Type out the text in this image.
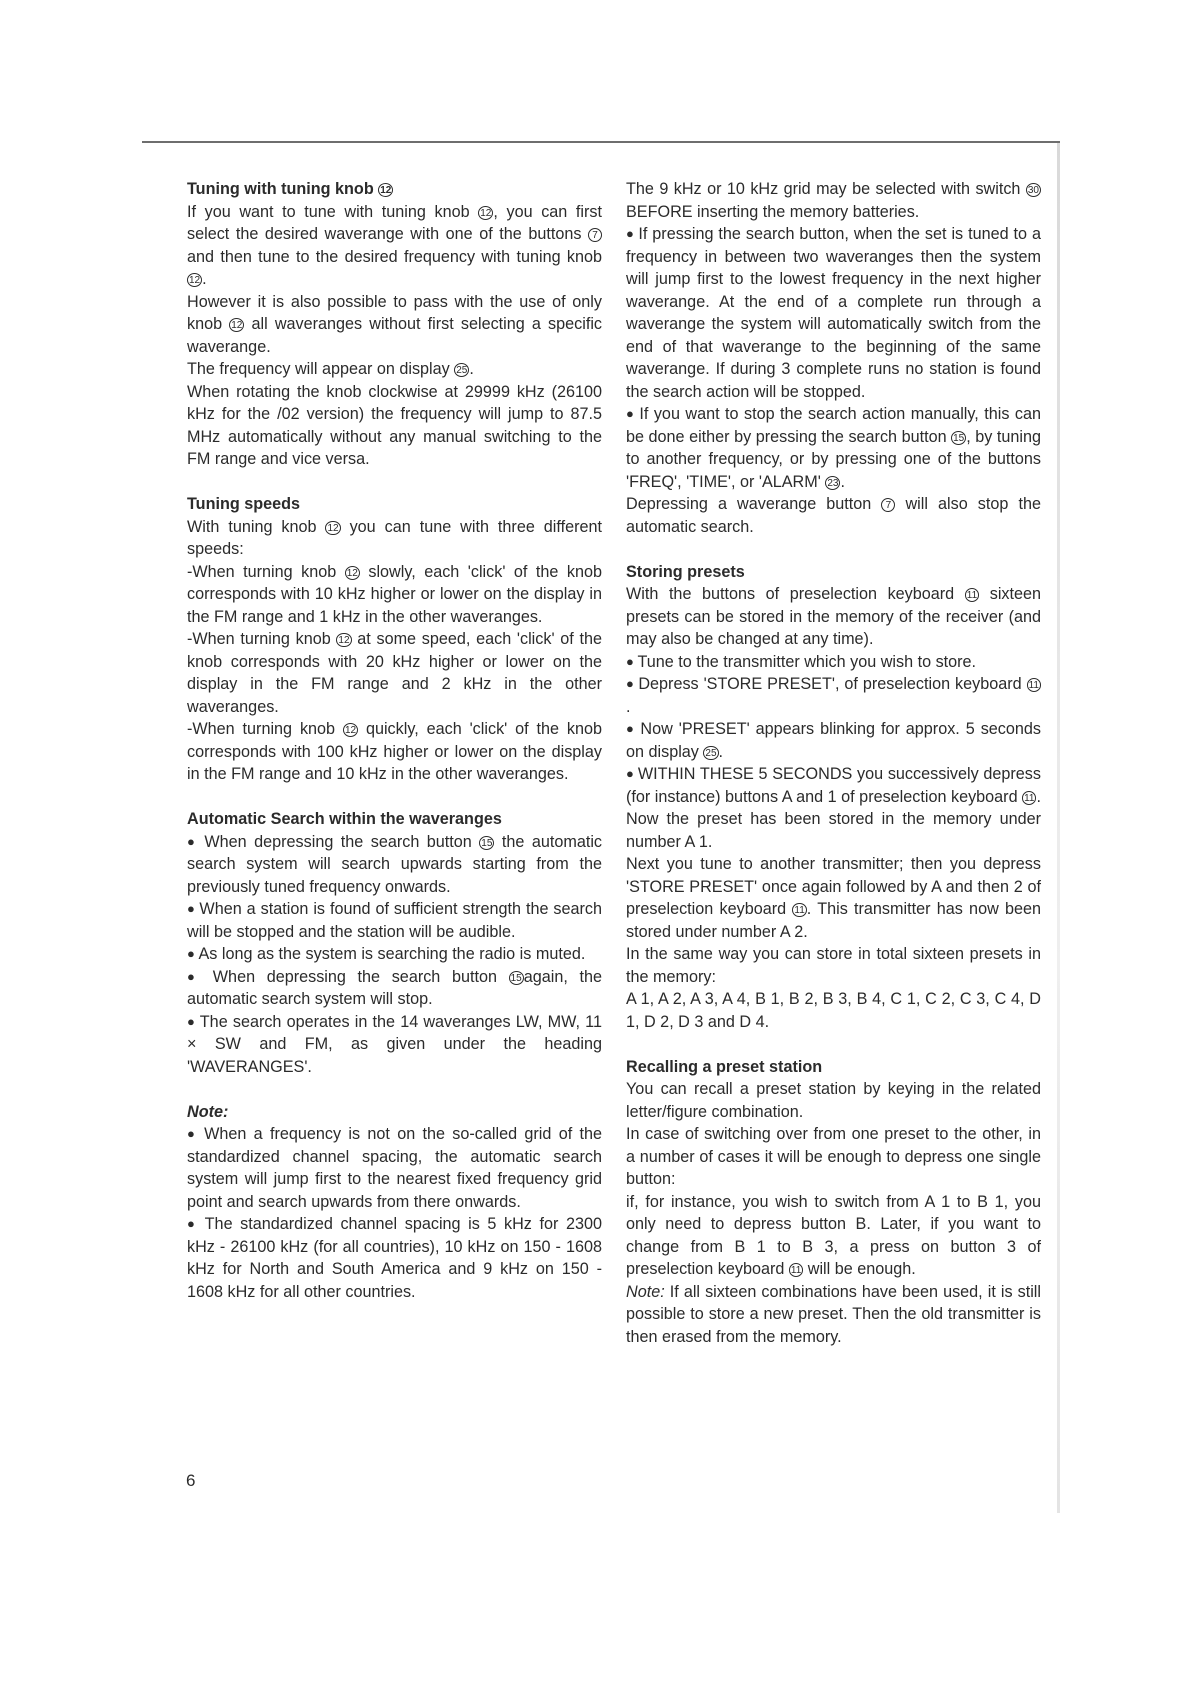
Tuning with tuning knob 12

If you want to tune with tuning knob 12 , you can first select the desired waverange with one of the buttons 7 and then tune to the desired frequency with tuning knob 12 .

However it is also possible to pass with the use of only knob 12 all waveranges without first selecting a specific waverange.

The frequency will appear on display 25 .

When rotating the knob clockwise at 29999 kHz (26100 kHz for the /02 version) the frequency will jump to 87.5 MHz automatically without any manual switching to the FM range and vice versa.

Tuning speeds

With tuning knob 12 you can tune with three different speeds:

-When turning knob 12 slowly, each 'click' of the knob corresponds with 10 kHz higher or lower on the display in the FM range and 1 kHz in the other waveranges.

-When turning knob 12 at some speed, each 'click' of the knob corresponds with 20 kHz higher or lower on the display in the FM range and 2 kHz in the other waveranges.

-When turning knob 12 quickly, each 'click' of the knob corresponds with 100 kHz higher or lower on the display in the FM range and 10 kHz in the other waveranges.

Automatic Search within the waveranges

● When depressing the search button 15 the automatic search system will search upwards starting from the previously tuned frequency onwards.

● When a station is found of sufficient strength the search will be stopped and the station will be audible.

● As long as the system is searching the radio is muted.

● When depressing the search button 15 again, the automatic search system will stop.

● The search operates in the 14 waveranges LW, MW, 11 × SW and FM, as given under the heading 'WAVERANGES'.

Note:

● When a frequency is not on the so-called grid of the standardized channel spacing, the automatic search system will jump first to the nearest fixed frequency grid point and search upwards from there onwards.

● The standardized channel spacing is 5 kHz for 2300 kHz - 26100 kHz (for all countries), 10 kHz on 150 - 1608 kHz for North and South America and 9 kHz on 150 - 1608 kHz for all other countries.

The 9 kHz or 10 kHz grid may be selected with switch 30 BEFORE inserting the memory batteries.

● If pressing the search button, when the set is tuned to a frequency in between two waveranges then the system will jump first to the lowest frequency in the next higher waverange. At the end of a complete run through a waverange the system will automatically switch from the end of that waverange to the beginning of the same waverange. If during 3 complete runs no station is found the search action will be stopped.

● If you want to stop the search action manually, this can be done either by pressing the search button 15 , by tuning to another frequency, or by pressing one of the buttons 'FREQ', 'TIME', or 'ALARM' 23 .

Depressing a waverange button 7 will also stop the automatic search.

Storing presets

With the buttons of preselection keyboard 11 sixteen presets can be stored in the memory of the receiver (and may also be changed at any time).

● Tune to the transmitter which you wish to store.

● Depress 'STORE PRESET', of preselection keyboard 11.

● Now 'PRESET' appears blinking for approx. 5 seconds on display 25 .

● WITHIN THESE 5 SECONDS you successively depress (for instance) buttons A and 1 of preselection keyboard 11 . Now the preset has been stored in the memory under number A 1.

Next you tune to another transmitter; then you depress 'STORE PRESET' once again followed by A and then 2 of preselection keyboard 11 . This transmitter has now been stored under number A 2.

In the same way you can store in total sixteen presets in the memory:

A 1, A 2, A 3, A 4, B 1, B 2, B 3, B 4, C 1, C 2, C 3, C 4, D 1, D 2, D 3 and D 4.

Recalling a preset station

You can recall a preset station by keying in the related letter/figure combination.

In case of switching over from one preset to the other, in a number of cases it will be enough to depress one single button:

if, for instance, you wish to switch from A 1 to B 1, you only need to depress button B. Later, if you want to change from B 1 to B 3, a press on button 3 of preselection keyboard 11 will be enough.

Note: If all sixteen combinations have been used, it is still possible to store a new preset. Then the old transmitter is then erased from the memory.

6
